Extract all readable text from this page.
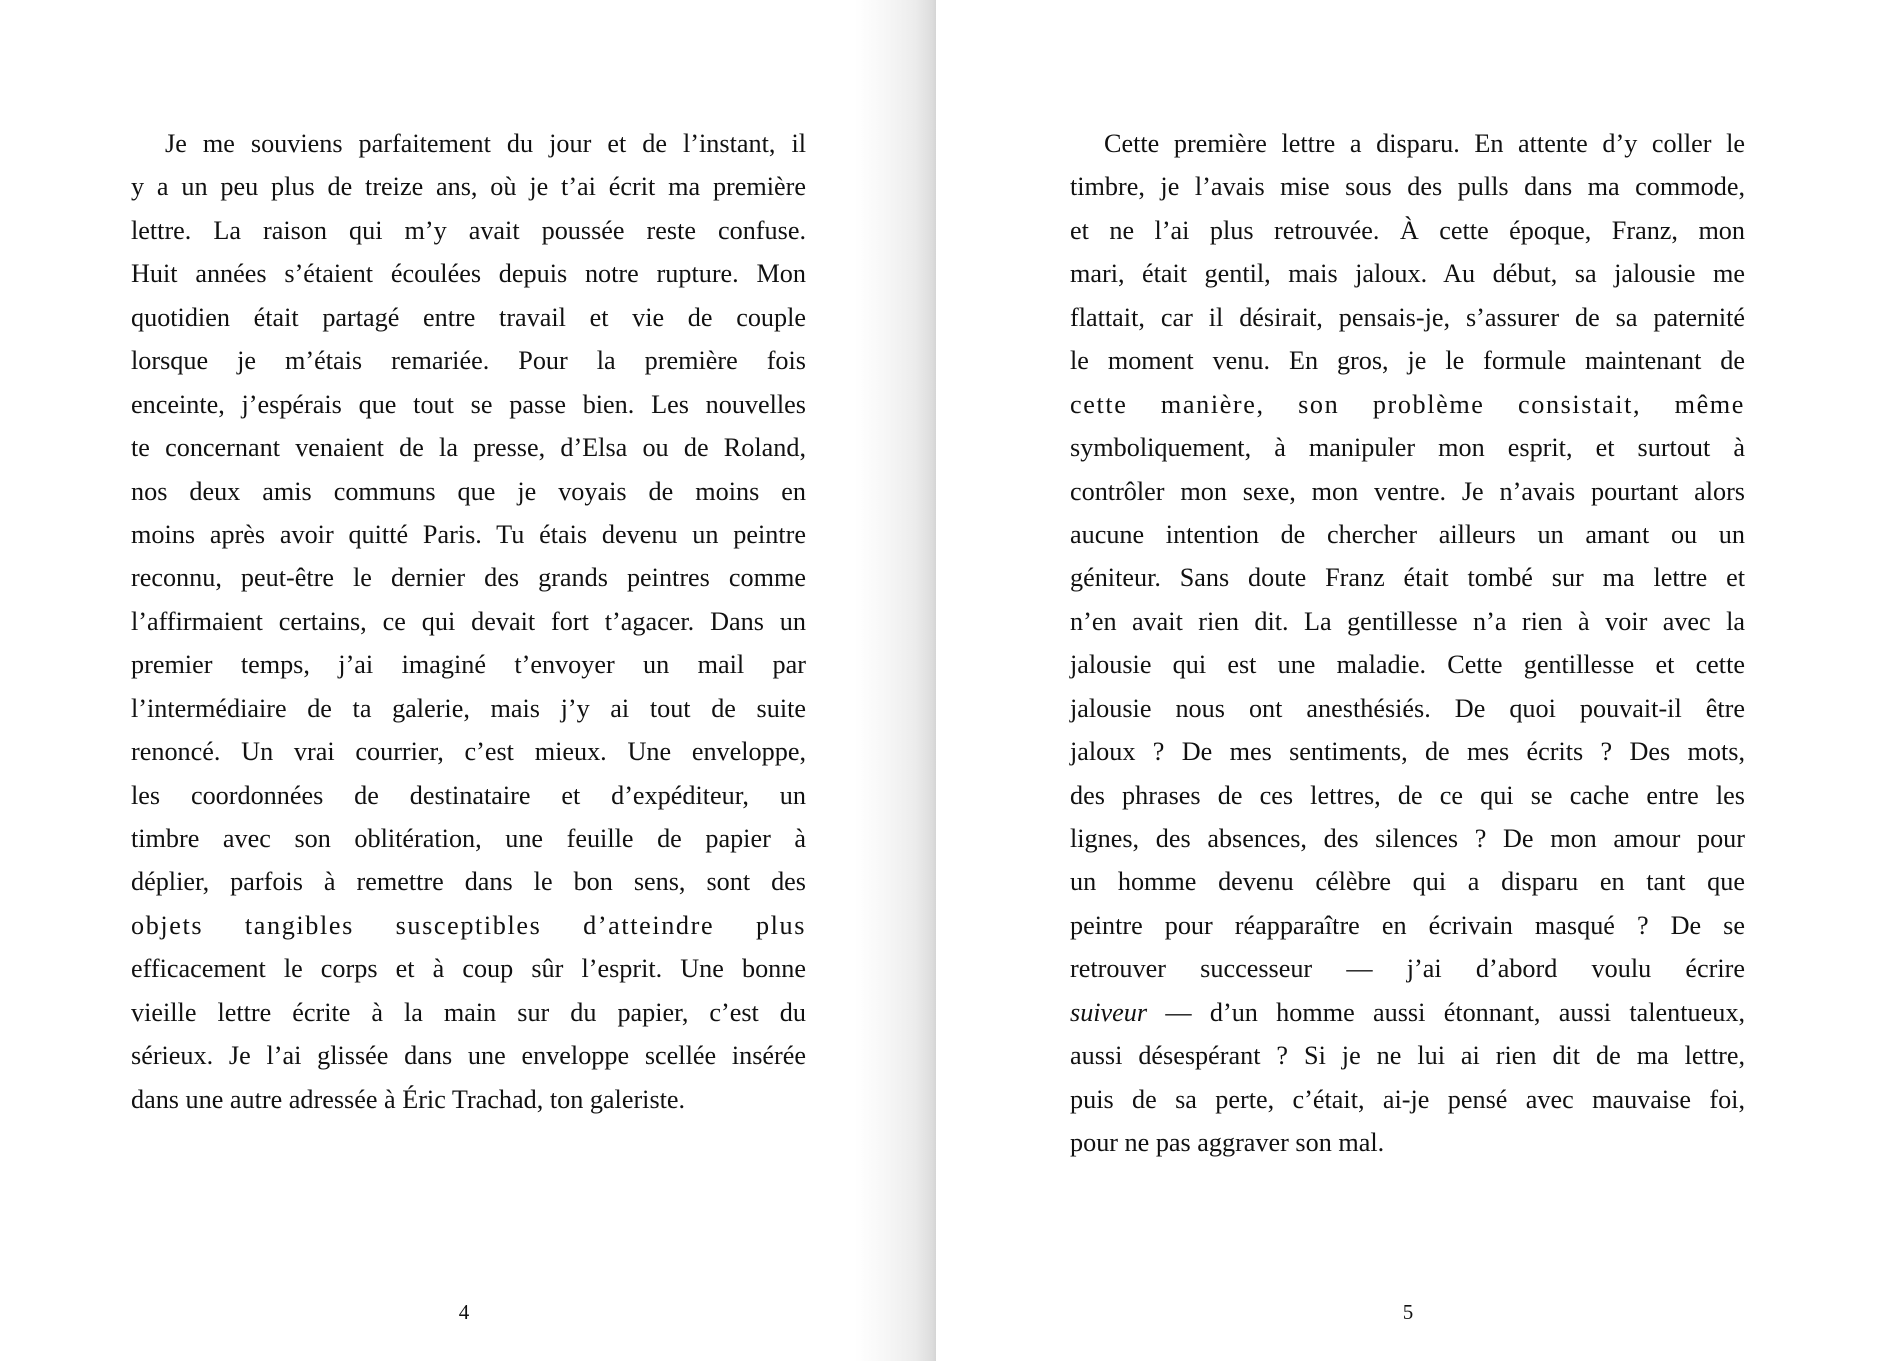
Je me souviens parfaitement du jour et de l’instant, il
y a un peu plus de treize ans, où je t’ai écrit ma première
lettre. La raison qui m’y avait poussée reste confuse.
Huit années s’étaient écoulées depuis notre rupture. Mon
quotidien était partagé entre travail et vie de couple
lorsque je m’étais remariée. Pour la première fois
enceinte, j’espérais que tout se passe bien. Les nouvelles
te concernant venaient de la presse, d’Elsa ou de Roland,
nos deux amis communs que je voyais de moins en
moins après avoir quitté Paris. Tu étais devenu un peintre
reconnu, peut-être le dernier des grands peintres comme
l’affirmaient certains, ce qui devait fort t’agacer. Dans un
premier temps, j’ai imaginé t’envoyer un mail par
l’intermédiaire de ta galerie, mais j’y ai tout de suite
renoncé. Un vrai courrier, c’est mieux. Une enveloppe,
les coordonnées de destinataire et d’expéditeur, un
timbre avec son oblitération, une feuille de papier à
déplier, parfois à remettre dans le bon sens, sont des
objets tangibles susceptibles d’atteindre plus
efficacement le corps et à coup sûr l’esprit. Une bonne
vieille lettre écrite à la main sur du papier, c’est du
sérieux. Je l’ai glissée dans une enveloppe scellée insérée
dans une autre adressée à Éric Trachad, ton galeriste.
4
Cette première lettre a disparu. En attente d’y coller le
timbre, je l’avais mise sous des pulls dans ma commode,
et ne l’ai plus retrouvée. À cette époque, Franz, mon
mari, était gentil, mais jaloux. Au début, sa jalousie me
flattait, car il désirait, pensais-je, s’assurer de sa paternité
le moment venu. En gros, je le formule maintenant de
cette manière, son problème consistait, même
symboliquement, à manipuler mon esprit, et surtout à
contrôler mon sexe, mon ventre. Je n’avais pourtant alors
aucune intention de chercher ailleurs un amant ou un
géniteur. Sans doute Franz était tombé sur ma lettre et
n’en avait rien dit. La gentillesse n’a rien à voir avec la
jalousie qui est une maladie. Cette gentillesse et cette
jalousie nous ont anesthésiés. De quoi pouvait-il être
jaloux ? De mes sentiments, de mes écrits ? Des mots,
des phrases de ces lettres, de ce qui se cache entre les
lignes, des absences, des silences ? De mon amour pour
un homme devenu célèbre qui a disparu en tant que
peintre pour réapparaître en écrivain masqué ? De se
retrouver successeur — j’ai d’abord voulu écrire
suiveur — d’un homme aussi étonnant, aussi talentueux,
aussi désespérant ? Si je ne lui ai rien dit de ma lettre,
puis de sa perte, c’était, ai-je pensé avec mauvaise foi,
pour ne pas aggraver son mal.
5
